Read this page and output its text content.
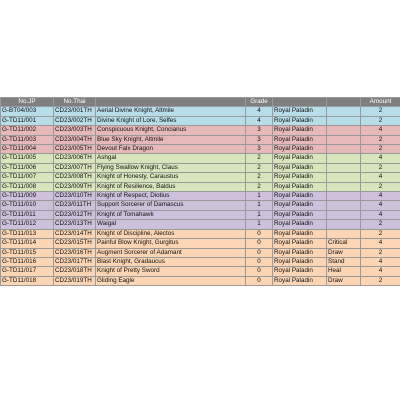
No.JP	No.Thai		Grade			Amount
G-BT04/003	CD23/001TH	Aerial Divine Knight, Altmile	4	Royal Paladin		2
G-TD11/001	CD23/002TH	Divine Knight of Lore, Selfes	4	Royal Paladin		2
G-TD11/002	CD23/003TH	Conspicuous Knight, Concianus	3	Royal Paladin		4
G-TD11/003	CD23/004TH	Blue Sky Knight, Altmile	3	Royal Paladin		2
G-TD11/004	CD23/005TH	Devout Falx Dragon	3	Royal Paladin		2
G-TD11/005	CD23/006TH	Ashgal	2	Royal Paladin		4
G-TD11/006	CD23/007TH	Flying Swallow Knight, Claus	2	Royal Paladin		2
G-TD11/007	CD23/008TH	Knight of Honesty, Caraustus	2	Royal Paladin		4
G-TD11/008	CD23/009TH	Knight of Resilience, Baldus	2	Royal Paladin		2
G-TD11/009	CD23/010TH	Knight of Respect, Diotius	1	Royal Paladin		4
G-TD11/010	CD23/011TH	Support Sorcerer of Damascus	1	Royal Paladin		4
G-TD11/011	CD23/012TH	Knight of Tomahawk	1	Royal Paladin		4
G-TD11/012	CD23/013TH	Waigal	1	Royal Paladin		2
G-TD11/013	CD23/014TH	Knight of Discipline, Alectos	0	Royal Paladin		2
G-TD11/014	CD23/015TH	Painful Blow Knight, Gurgitus	0	Royal Paladin	Critical	4
G-TD11/015	CD23/016TH	Augment Sorcerer of Adamant	0	Royal Paladin	Draw	2
G-TD11/016	CD23/017TH	Blast Knight, Gradaucus	0	Royal Paladin	Stand	4
G-TD11/017	CD23/018TH	Knight of Pretty Sword	0	Royal Paladin	Heal	4
G-TD11/018	CD23/019TH	Gliding Eagle	0	Royal Paladin	Draw	2
